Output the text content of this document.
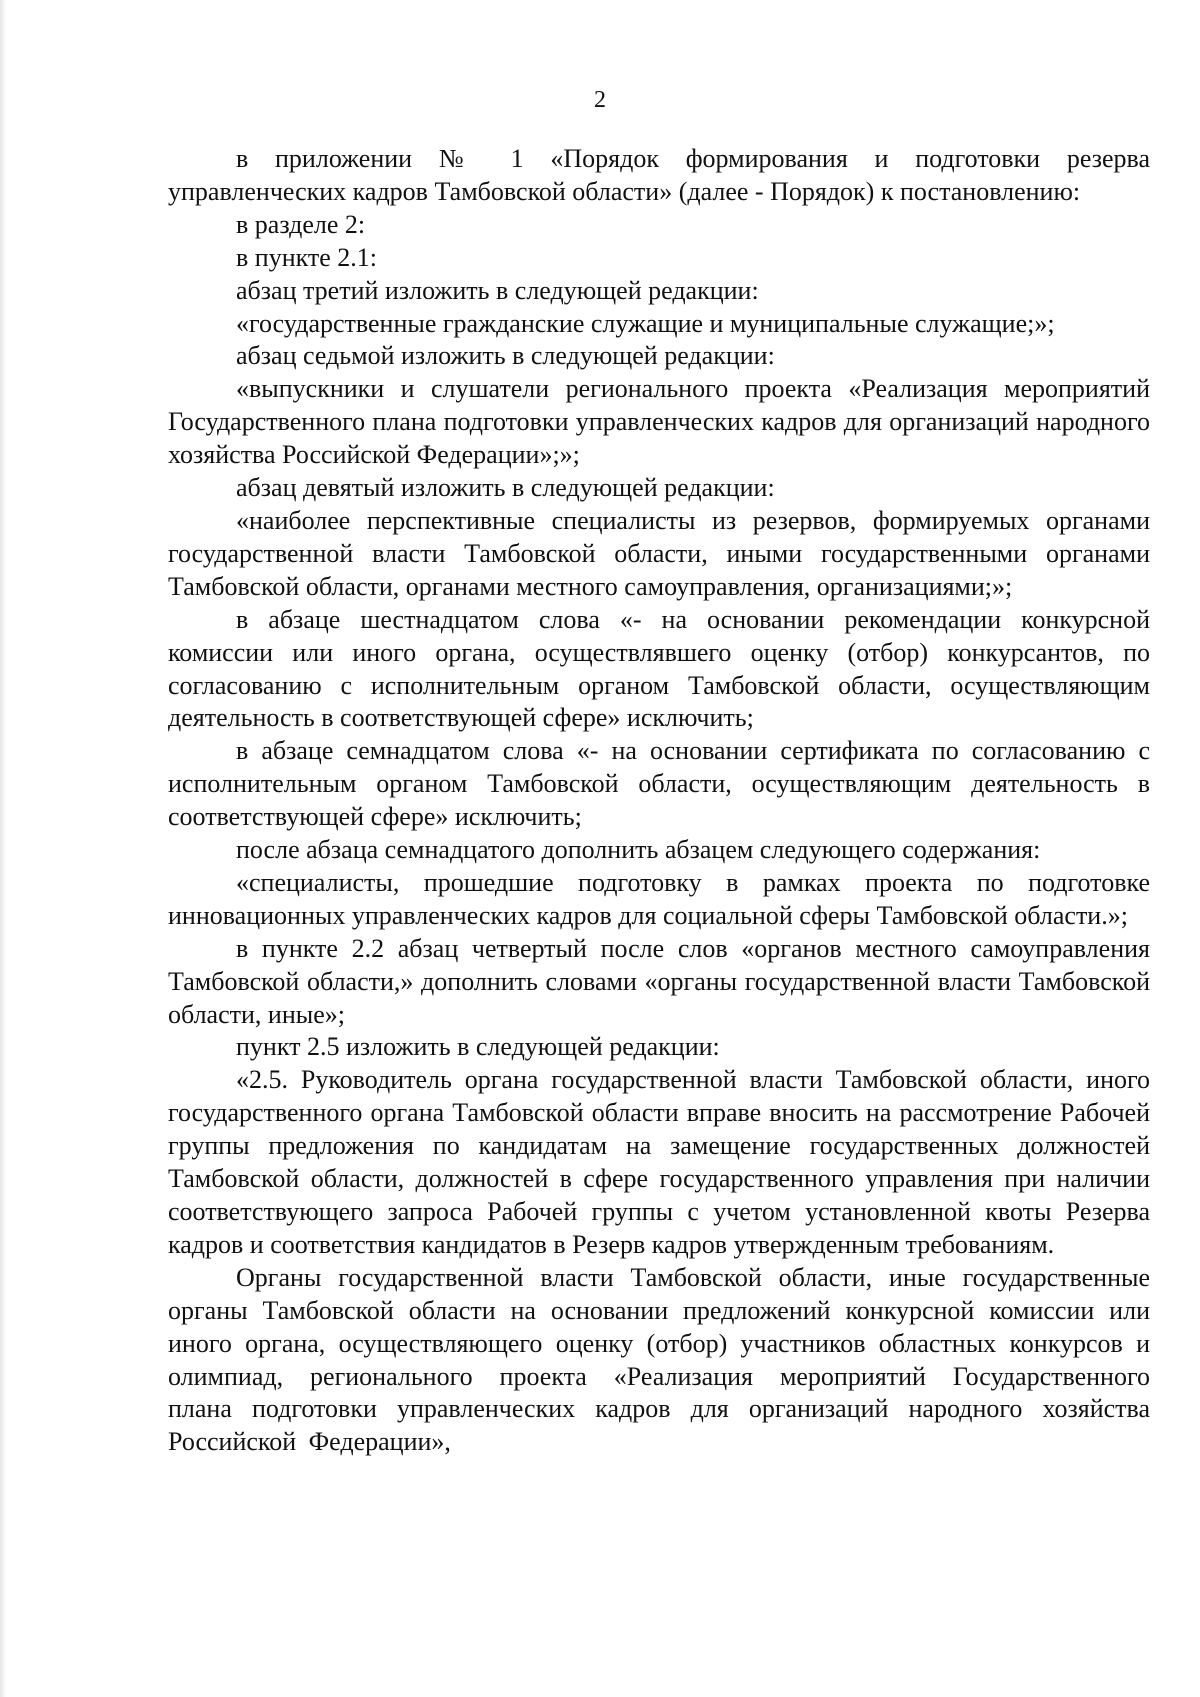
2

в приложении № 1 «Порядок формирования и подготовки резерва управленческих кадров Тамбовской области» (далее - Порядок) к постановлению:

в разделе 2:

в пункте 2.1:

абзац третий изложить в следующей редакции:

«государственные гражданские служащие и муниципальные служащие;»;

абзац седьмой изложить в следующей редакции:

«выпускники и слушатели регионального проекта «Реализация мероприятий Государственного плана подготовки управленческих кадров для организаций народного хозяйства Российской Федерации»;»;

абзац девятый изложить в следующей редакции:

«наиболее перспективные специалисты из резервов, формируемых органами государственной власти Тамбовской области, иными государственными органами Тамбовской области, органами местного самоуправления, организациями;»;

в абзаце шестнадцатом слова «- на основании рекомендации конкурсной комиссии или иного органа, осуществлявшего оценку (отбор) конкурсантов, по согласованию с исполнительным органом Тамбовской области, осуществляющим деятельность в соответствующей сфере» исключить;

в абзаце семнадцатом слова «- на основании сертификата по согласованию с исполнительным органом Тамбовской области, осуществляющим деятельность в соответствующей сфере» исключить;

после абзаца семнадцатого дополнить абзацем следующего содержания:

«специалисты, прошедшие подготовку в рамках проекта по подготовке инновационных управленческих кадров для социальной сферы Тамбовской области.»;

в пункте 2.2 абзац четвертый после слов «органов местного самоуправления Тамбовской области,» дополнить словами «органы государственной власти Тамбовской области, иные»;

пункт 2.5 изложить в следующей редакции:

«2.5. Руководитель органа государственной власти Тамбовской области, иного государственного органа Тамбовской области вправе вносить на рассмотрение Рабочей группы предложения по кандидатам на замещение государственных должностей Тамбовской области, должностей в сфере государственного управления при наличии соответствующего запроса Рабочей группы с учетом установленной квоты Резерва кадров и соответствия кандидатов в Резерв кадров утвержденным требованиям.

Органы государственной власти Тамбовской области, иные государственные органы Тамбовской области на основании предложений конкурсной комиссии или иного органа, осуществляющего оценку (отбор) участников областных конкурсов и олимпиад, регионального проекта «Реализация мероприятий Государственного плана подготовки управленческих кадров для организаций народного хозяйства Российской Федерации»,
